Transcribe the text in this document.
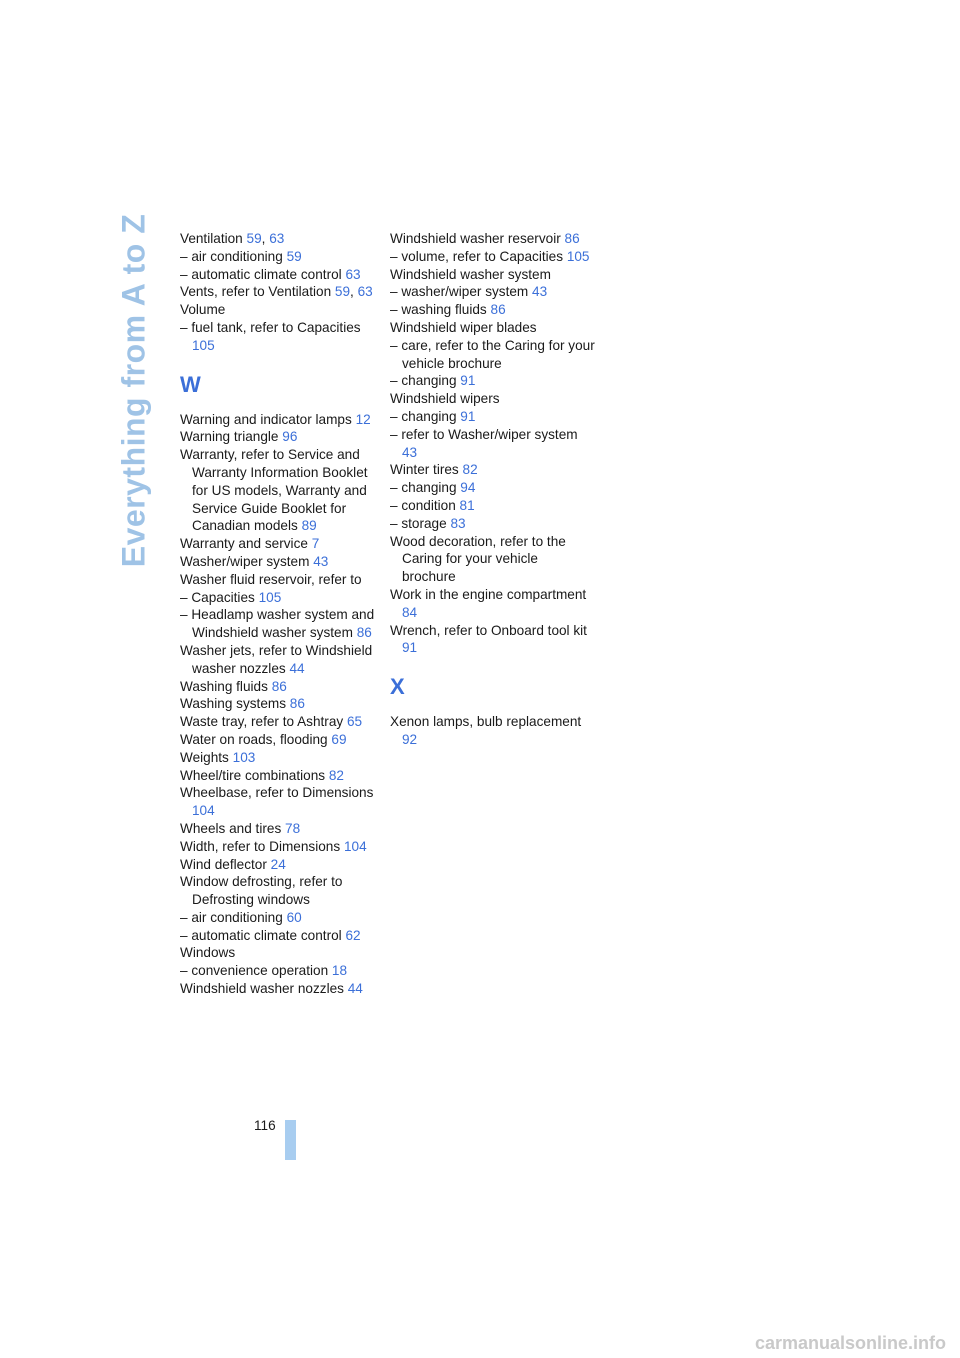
Everything from A to Z Ventilation 59, 63

– air conditioning 59

– automatic climate control 63

Vents, refer to Ventilation 59, 63

Volume

– fuel tank, refer to Capacities 105

W

Warning and indicator lamps 12

Warning triangle 96

Warranty, refer to Service and Warranty Information Booklet for US models, Warranty and Service Guide Booklet for Canadian models 89

Warranty and service 7

Washer/wiper system 43

Washer fluid reservoir, refer to

– Capacities 105

– Headlamp washer system and Windshield washer system 86

Washer jets, refer to Windshield washer nozzles 44

Washing fluids 86

Washing systems 86

Waste tray, refer to Ashtray 65

Water on roads, flooding 69

Weights 103

Wheel/tire combinations 82

Wheelbase, refer to Dimensions 104

Wheels and tires 78

Width, refer to Dimensions 104

Wind deflector 24

Window defrosting, refer to Defrosting windows

– air conditioning 60

– automatic climate control 62

Windows

– convenience operation 18

Windshield washer nozzles 44

Windshield washer reservoir 86

– volume, refer to Capacities 105

Windshield washer system

– washer/wiper system 43

– washing fluids 86

Windshield wiper blades

– care, refer to the Caring for your vehicle brochure

– changing 91

Windshield wipers

– changing 91

– refer to Washer/wiper system 43

Winter tires 82

– changing 94

– condition 81

– storage 83

Wood decoration, refer to the Caring for your vehicle brochure

Work in the engine compartment 84

Wrench, refer to Onboard tool kit 91

X

Xenon lamps, bulb replacement 92

116
carmanualsonline.info
